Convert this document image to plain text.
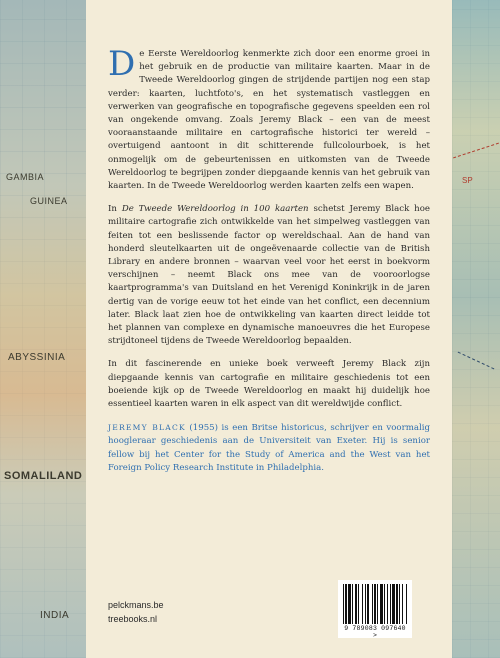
GAMBIA
GUINEA
ABYSSINIA
SOMALILAND
INDIA
SP

De Eerste Wereldoorlog kenmerkte zich door een enorme groei in het gebruik en de productie van militaire kaarten. Maar in de Tweede Wereldoorlog gingen de strijdende partijen nog een stap verder: kaarten, luchtfoto's, en het systematisch vastleggen en verwerken van geografische en topografische gegevens speelden een rol van ongekende omvang. Zoals Jeremy Black – een van de meest vooraanstaande militaire en cartografische historici ter wereld – overtuigend aantoont in dit schitterende fullcolourboek, is het onmogelijk om de gebeurtenissen en uitkomsten van de Tweede Wereldoorlog te begrijpen zonder diepgaande kennis van het gebruik van kaarten. In de Tweede Wereldoorlog werden kaarten zelfs een wapen.

In De Tweede Wereldoorlog in 100 kaarten schetst Jeremy Black hoe militaire cartografie zich ontwikkelde van het simpelweg vastleggen van feiten tot een beslissende factor op wereldschaal. Aan de hand van honderd sleutelkaarten uit de ongeëvenaarde collectie van de British Library en andere bronnen – waarvan veel voor het eerst in boekvorm verschijnen – neemt Black ons mee van de vooroorlogse kaartprogramma's van Duitsland en het Verenigd Koninkrijk in de jaren dertig van de vorige eeuw tot het einde van het conflict, een decennium later. Black laat zien hoe de ontwikkeling van kaarten direct leidde tot het plannen van complexe en dynamische manoeuvres die het Europese strijdtoneel tijdens de Tweede Wereldoorlog bepaalden.

In dit fascinerende en unieke boek verweeft Jeremy Black zijn diepgaande kennis van cartografie en militaire geschiedenis tot een boeiende kijk op de Tweede Wereldoorlog en maakt hij duidelijk hoe essentieel kaarten waren in elk aspect van dit wereldwijde conflict.

JEREMY BLACK (1955) is een Britse historicus, schrijver en voormalig hoogleraar geschiedenis aan de Universiteit van Exeter. Hij is senior fellow bij het Center for the Study of America and the West van het Foreign Policy Research Institute in Philadelphia.

pelckmans.be
treebooks.nl
9 789083 097640 >
